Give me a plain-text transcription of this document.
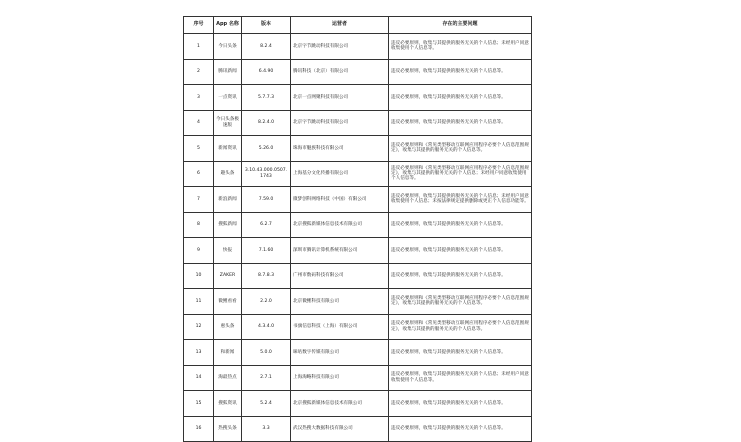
序号	App 名称	版本	运营者	存在的主要问题
1	今日头条	8.2.4	北京字节跳动科技有限公司	违反必要原则，收集与其提供的服务无关的个人信息；未经用户同意收集使用个人信息等。
2	腾讯新闻	6.4.90	腾讯科技（北京）有限公司	违反必要原则，收集与其提供的服务无关的个人信息等。
3	一点资讯	5.7.7.3	北京一点网聚科技有限公司	违反必要原则，收集与其提供的服务无关的个人信息等。
4	今日头条极速版	8.2.4.0	北京字节跳动科技有限公司	违反必要原则，收集与其提供的服务无关的个人信息等。
5	新闻资讯	5.26.0	珠海市魅族科技有限公司	违反必要原则和《常见类型移动互联网应用程序必要个人信息范围规定》，收集与其提供的服务无关的个人信息等。
6	趣头条	3.10.43.000.0507.1743	上海基分文化传播有限公司	违反必要原则和《常见类型移动互联网应用程序必要个人信息范围规定》，收集与其提供的服务无关的个人信息；未经用户同意收集使用个人信息等。
7	新浪新闻	7.59.0	微梦创科网络科技（中国）有限公司	违反必要原则，收集与其提供的服务无关的个人信息；未经用户同意收集使用个人信息；未按法律规定提供删除或更正个人信息功能等。
8	搜狐新闻	6.2.7	北京搜狐新媒体信息技术有限公司	违反必要原则，收集与其提供的服务无关的个人信息等。
9	快报	7.1.60	深圳市腾讯计算机系统有限公司	违反必要原则，收集与其提供的服务无关的个人信息等。
10	ZAKER	8.7.8.3	广州市数码科技有限公司	违反必要原则，收集与其提供的服务无关的个人信息等。
11	微鲤看看	2.2.0	北京微鲤科技有限公司	违反必要原则和《常见类型移动互联网应用程序必要个人信息范围规定》，收集与其提供的服务无关的个人信息等。
12	惠头条	4.3.4.0	书旗信息科技（上海）有限公司	违反必要原则和《常见类型移动互联网应用程序必要个人信息范围规定》，收集与其提供的服务无关的个人信息等。
13	和新闻	5.0.0	咪咕数字传媒有限公司	违反必要原则，收集与其提供的服务无关的个人信息等。
14	淘最热点	2.7.1	上海淘略科技有限公司	违反必要原则，收集与其提供的服务无关的个人信息；未经用户同意收集使用个人信息等。
15	搜狐资讯	5.2.4	北京搜狐新媒体信息技术有限公司	违反必要原则，收集与其提供的服务无关的个人信息等。
16	热搜头条	3.3	武汉热搜大数据科技有限公司	违反必要原则，收集与其提供的服务无关的个人信息等。
